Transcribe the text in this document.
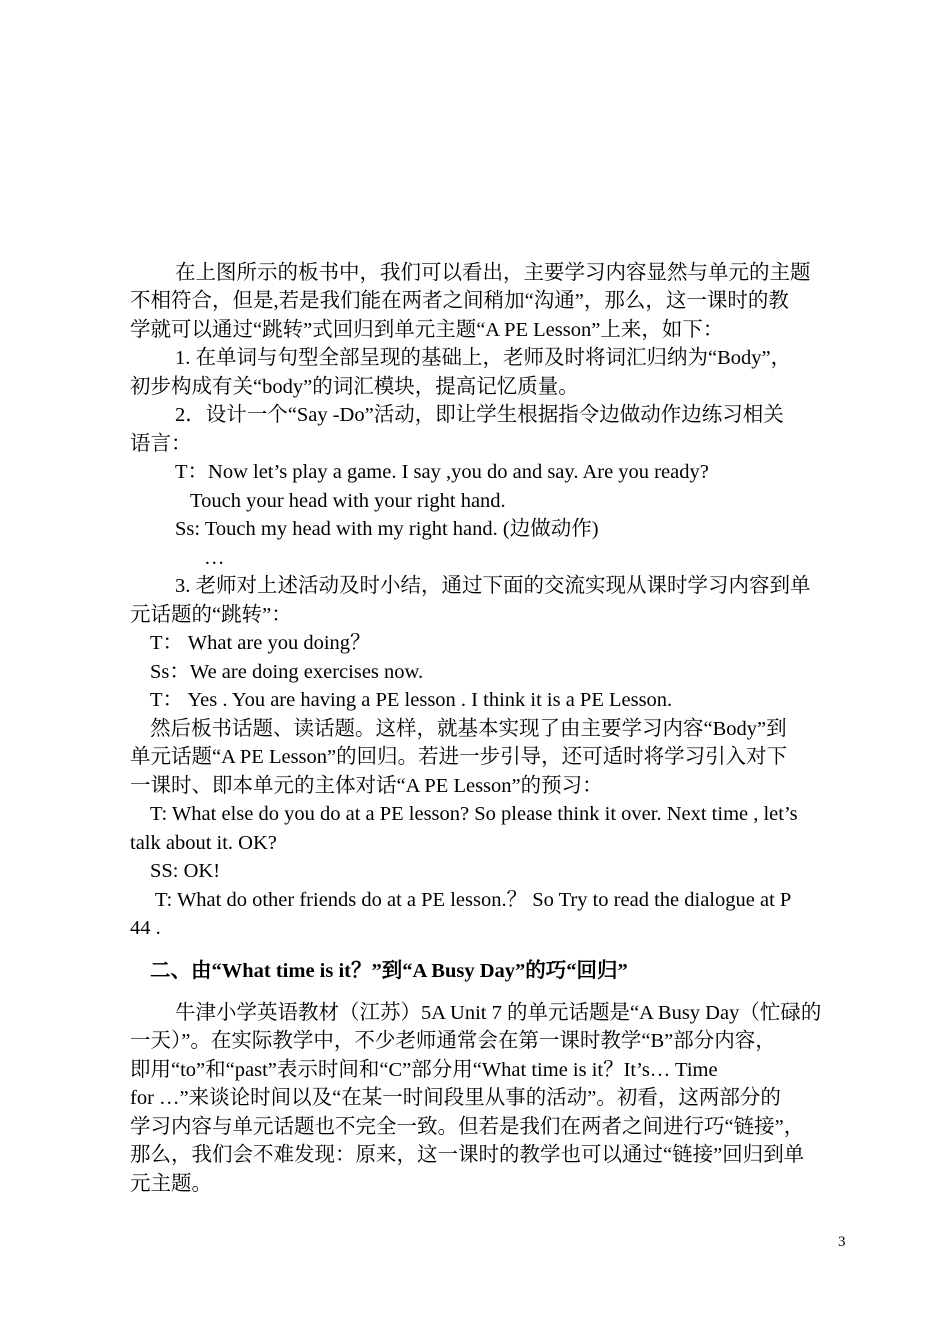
在上图所示的板书中，我们可以看出，主要学习内容显然与单元的主题
不相符合，但是,若是我们能在两者之间稍加“沟通”，那么，这一课时的教
学就可以通过“跳转”式回归到单元主题“A PE Lesson”上来，如下：
1. 在单词与句型全部呈现的基础上，老师及时将词汇归纳为“Body”，
初步构成有关“body”的词汇模块，提高记忆质量。
2．设计一个“Say -Do”活动，即让学生根据指令边做动作边练习相关
语言：
T：Now let’s play a game. I say ,you do and say. Are you ready?
Touch your head with your right hand.
Ss: Touch my head with my right hand. (边做动作)
…
3. 老师对上述活动及时小结，通过下面的交流实现从课时学习内容到单
元话题的“跳转”：
T： What are you doing？
Ss：We are doing exercises now.
T： Yes . You are having a PE lesson . I think it is a PE Lesson.
然后板书话题、读话题。这样，就基本实现了由主要学习内容“Body”到
单元话题“A PE Lesson”的回归。若进一步引导，还可适时将学习引入对下
一课时、即本单元的主体对话“A PE Lesson”的预习：
T: What else do you do at a PE lesson? So please think it over. Next time , let’s
talk about it. OK?
SS: OK!
T: What do other friends do at a PE lesson.？ So Try to read the dialogue at P
44 .
二、由“What time is it？”到“A Busy Day”的巧“回归”
牛津小学英语教材（江苏）5A Unit 7 的单元话题是“A Busy Day（忙碌的
一天）”。在实际教学中，不少老师通常会在第一课时教学“B”部分内容，
即用“to”和“past”表示时间和“C”部分用“What time is it？It’s… Time
for …”来谈论时间以及“在某一时间段里从事的活动”。初看，这两部分的
学习内容与单元话题也不完全一致。但若是我们在两者之间进行巧“链接”，
那么，我们会不难发现：原来，这一课时的教学也可以通过“链接”回归到单
元主题。
3
